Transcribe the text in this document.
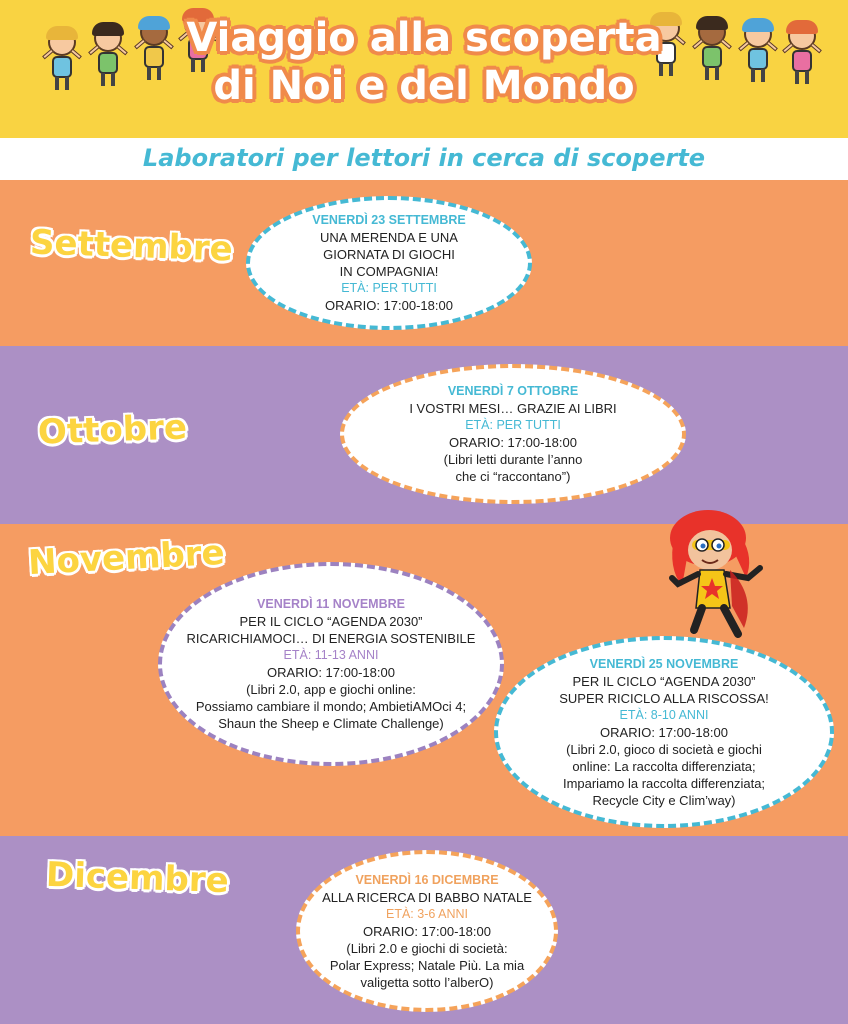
Viaggio alla scoperta
di Noi e del Mondo
Laboratori per lettori in cerca di scoperte
Settembre
Ottobre
Novembre
Dicembre
VENERDÌ 23 SETTEMBRE
UNA MERENDA E UNA
GIORNATA DI GIOCHI
IN COMPAGNIA!
ETÀ: PER TUTTI
ORARIO: 17:00-18:00
VENERDÌ 7 OTTOBRE
I VOSTRI MESI… GRAZIE AI LIBRI
ETÀ: PER TUTTI
ORARIO: 17:00-18:00
(Libri letti durante l’anno
che ci “raccontano”)
VENERDÌ 11 NOVEMBRE
PER IL CICLO “AGENDA 2030”
RICARICHIAMOCI… DI ENERGIA SOSTENIBILE
ETÀ: 11-13 ANNI
ORARIO: 17:00-18:00
(Libri 2.0, app e giochi online:
Possiamo cambiare il mondo; AmbietiAMOci 4;
Shaun the Sheep e Climate Challenge)
VENERDÌ 25 NOVEMBRE
PER IL CICLO “AGENDA 2030”
SUPER RICICLO ALLA RISCOSSA!
ETÀ: 8-10 ANNI
ORARIO: 17:00-18:00
(Libri 2.0, gioco di società e giochi
online: La raccolta differenziata;
Impariamo la raccolta differenziata;
Recycle City e Clim’way)
VENERDÌ 16 DICEMBRE
ALLA RICERCA DI BABBO NATALE
ETÀ: 3-6 ANNI
ORARIO: 17:00-18:00
(Libri 2.0 e giochi di società:
Polar Express; Natale Più. La mia
valigetta sotto l’alberO)
